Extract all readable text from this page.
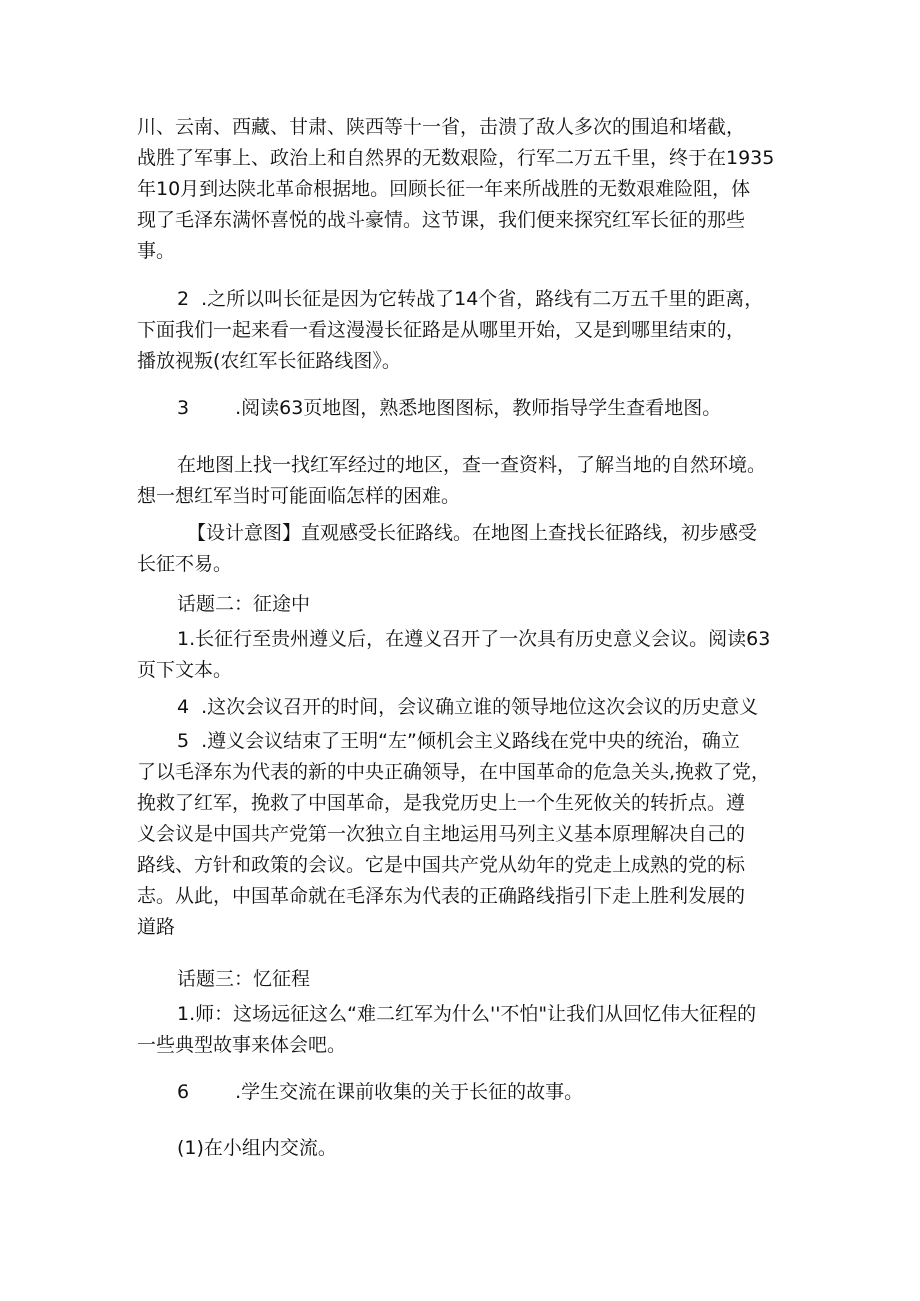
川、云南、西藏、甘肃、陕西等十一省，击溃了敌人多次的围追和堵截，
战胜了军事上、政治上和自然界的无数艰险，行军二万五千里，终于在1935
年10月到达陕北革命根据地。回顾长征一年来所战胜的无数艰难险阻，体
现了毛泽东满怀喜悦的战斗豪情。这节课，我们便来探究红军长征的那些
事。
2 .之所以叫长征是因为它转战了14个省，路线有二万五千里的距离，
下面我们一起来看一看这漫漫长征路是从哪里开始，又是到哪里结束的，
播放视叛(农红军长征路线图》。
3 .阅读63页地图，熟悉地图图标，教师指导学生查看地图。
在地图上找一找红军经过的地区，查一查资料，了解当地的自然环境。
想一想红军当时可能面临怎样的困难。
【设计意图】直观感受长征路线。在地图上查找长征路线，初步感受
长征不易。
话题二：征途中
1.长征行至贵州遵义后，在遵义召开了一次具有历史意义会议。阅读63
页下文本。
4 .这次会议召开的时间，会议确立谁的领导地位这次会议的历史意义
5 .遵义会议结束了王明“左”倾机会主义路线在党中央的统治，确立
了以毛泽东为代表的新的中央正确领导，在中国革命的危急关头,挽救了党，
挽救了红军，挽救了中国革命，是我党历史上一个生死攸关的转折点。遵
义会议是中国共产党第一次独立自主地运用马列主义基本原理解决自己的
路线、方针和政策的会议。它是中国共产党从幼年的党走上成熟的党的标
志。从此，中国革命就在毛泽东为代表的正确路线指引下走上胜利发展的
道路
话题三：忆征程
1.师：这场远征这么“难二红军为什么''不怕"让我们从回忆伟大征程的
一些典型故事来体会吧。
6 .学生交流在课前收集的关于长征的故事。
(1)在小组内交流。
